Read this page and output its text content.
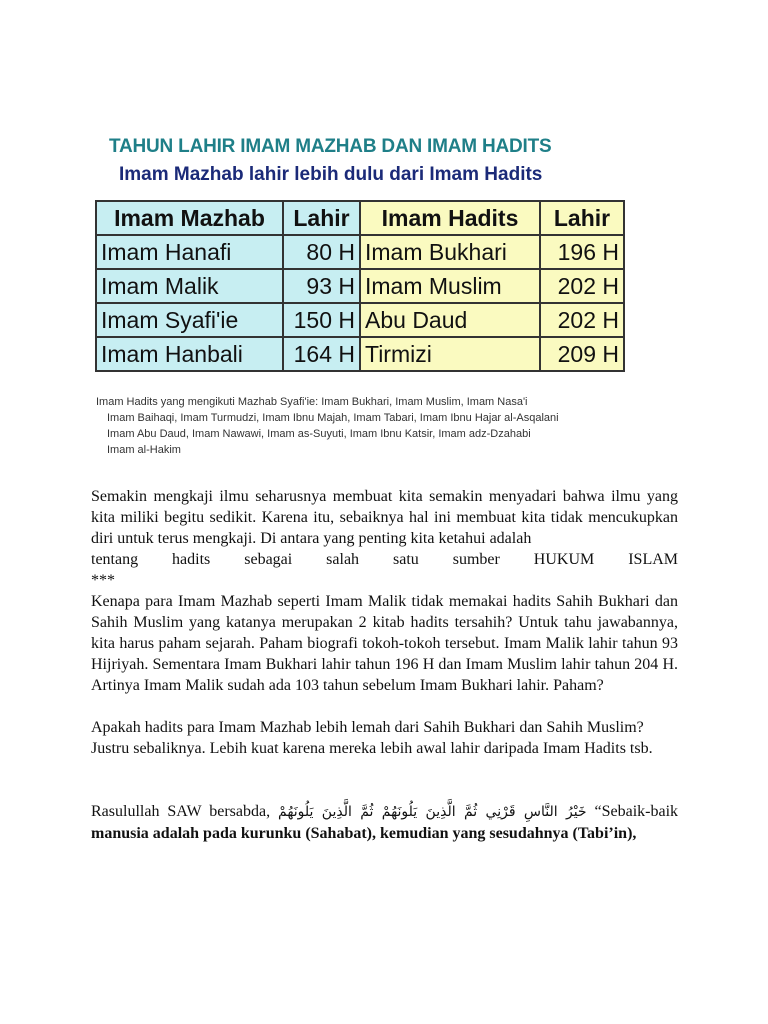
TAHUN LAHIR IMAM MAZHAB DAN IMAM HADITS
Imam Mazhab lahir lebih dulu dari Imam Hadits
Imam Mazhab	Lahir	Imam Hadits	Lahir
Imam Hanafi	80 H	Imam Bukhari	196 H
Imam Malik	93 H	Imam Muslim	202 H
Imam Syafi'ie	150 H	Abu Daud	202 H
Imam Hanbali	164 H	Tirmizi	209 H
Imam Hadits yang mengikuti Mazhab Syafi'ie: Imam Bukhari, Imam Muslim, Imam Nasa'i
Imam Baihaqi, Imam Turmudzi, Imam Ibnu Majah, Imam Tabari, Imam Ibnu Hajar al-Asqalani
Imam Abu Daud, Imam Nawawi, Imam as-Suyuti, Imam Ibnu Katsir, Imam adz-Dzahabi
Imam al-Hakim

Semakin mengkaji ilmu seharusnya membuat kita semakin menyadari bahwa ilmu yang kita miliki begitu sedikit. Karena itu, sebaiknya hal ini membuat kita tidak mencukupkan diri untuk terus mengkaji. Di antara yang penting kita ketahui adalah

tentang hadits sebagai salah satu sumber HUKUM ISLAM

***

Kenapa para Imam Mazhab seperti Imam Malik tidak memakai hadits Sahih Bukhari dan Sahih Muslim yang katanya merupakan 2 kitab hadits tersahih? Untuk tahu jawabannya, kita harus paham sejarah. Paham biografi tokoh-tokoh tersebut. Imam Malik lahir tahun 93 Hijriyah. Sementara Imam Bukhari lahir tahun 196 H dan Imam Muslim lahir tahun 204 H. Artinya Imam Malik sudah ada 103 tahun sebelum Imam Bukhari lahir. Paham?

Apakah hadits para Imam Mazhab lebih lemah dari Sahih Bukhari dan Sahih Muslim?

Justru sebaliknya. Lebih kuat karena mereka lebih awal lahir daripada Imam Hadits tsb.

Rasulullah SAW bersabda, خَيْرُ النَّاسِ قَرْنِي ثُمَّ الَّذِينَ يَلُونَهُمْ ثُمَّ الَّذِينَ يَلُونَهُمْ “Sebaik-baik manusia adalah pada kurunku (Sahabat), kemudian yang sesudahnya (Tabi’in),
